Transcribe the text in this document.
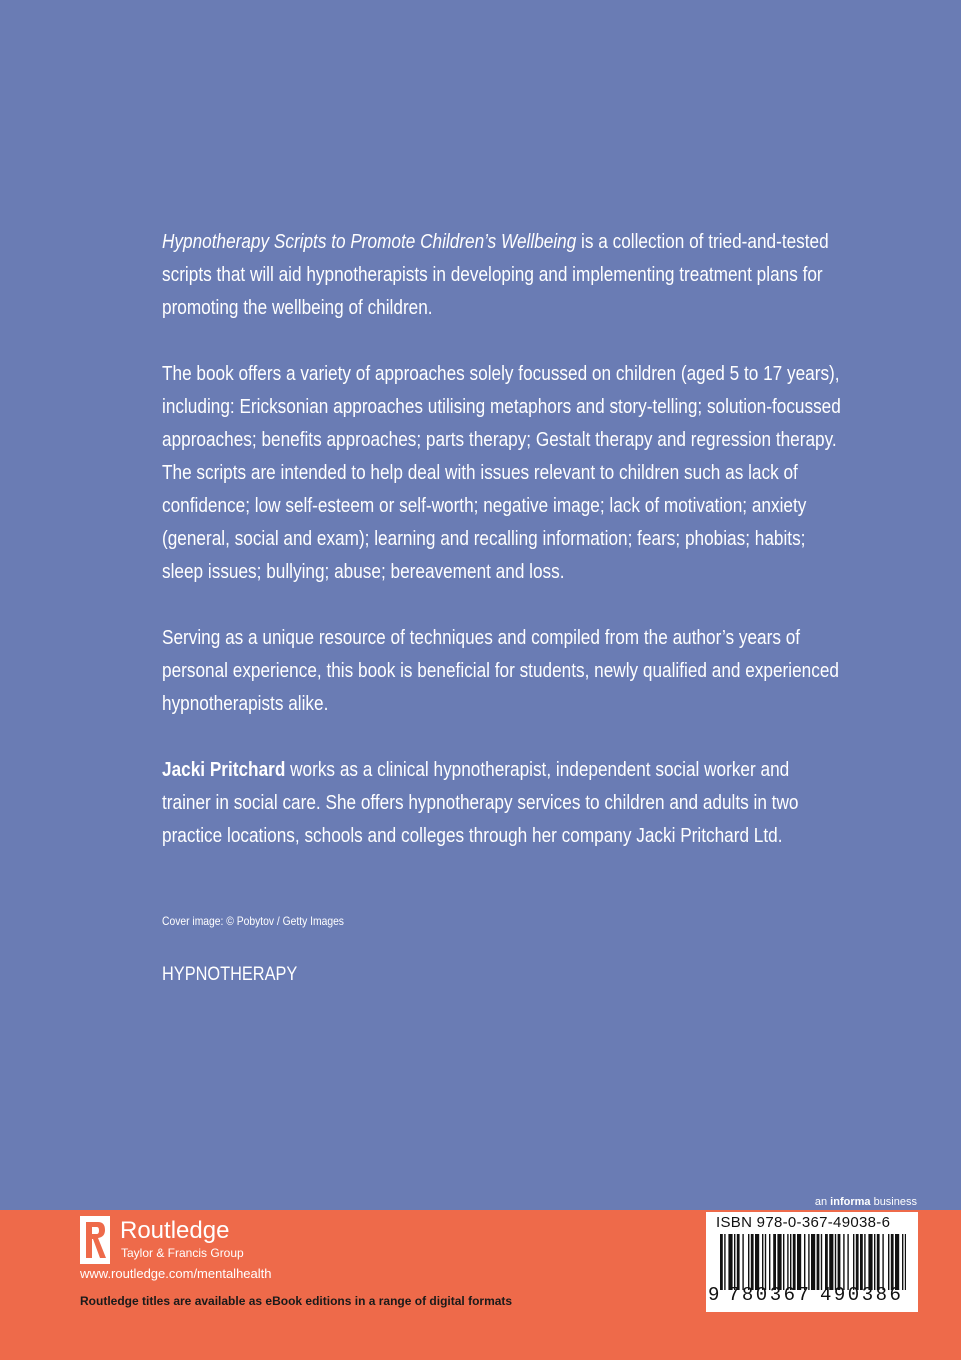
Hypnotherapy Scripts to Promote Children’s Wellbeing is a collection of tried-and-tested scripts that will aid hypnotherapists in developing and implementing treatment plans for promoting the wellbeing of children.

The book offers a variety of approaches solely focussed on children (aged 5 to 17 years), including: Ericksonian approaches utilising metaphors and story-telling; solution-focussed approaches; benefits approaches; parts therapy; Gestalt therapy and regression therapy. The scripts are intended to help deal with issues relevant to children such as lack of confidence; low self-esteem or self-worth; negative image; lack of motivation; anxiety (general, social and exam); learning and recalling information; fears; phobias; habits; sleep issues; bullying; abuse; bereavement and loss.

Serving as a unique resource of techniques and compiled from the author’s years of personal experience, this book is beneficial for students, newly qualified and experienced hypnotherapists alike.

Jacki Pritchard works as a clinical hypnotherapist, independent social worker and trainer in social care. She offers hypnotherapy services to children and adults in two practice locations, schools and colleges through her company Jacki Pritchard Ltd.

Cover image: © Pobytov / Getty Images
HYPNOTHERAPY
an informa business
Routledge
Taylor & Francis Group
www.routledge.com/mentalhealth
Routledge titles are available as eBook editions in a range of digital formats
ISBN 978-0-367-49038-6
9 780367 490386
